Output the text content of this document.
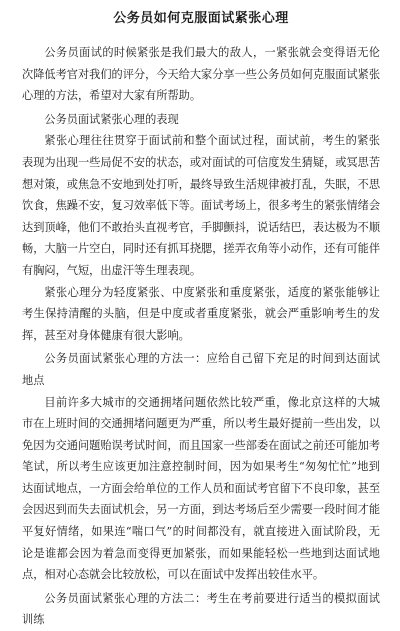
公务员如何克服面试紧张心理

公务员面试的时候紧张是我们最大的敌人，一紧张就会变得语无伦次降低考官对我们的评分，今天给大家分享一些公务员如何克服面试紧张心理的方法，希望对大家有所帮助。

公务员面试紧张心理的表现

紧张心理往往贯穿于面试前和整个面试过程，面试前，考生的紧张表现为出现一些局促不安的状态，或对面试的可信度发生猜疑，或冥思苦想对策，或焦急不安地到处打听，最终导致生活规律被打乱，失眠，不思饮食，焦躁不安，复习效率低下等。面试考场上，很多考生的紧张情绪会达到顶峰，他们不敢抬头直视考官，手脚颤抖，说话结巴，表达极为不顺畅，大脑一片空白，同时还有抓耳挠腮，搓弄衣角等小动作，还有可能伴有胸闷，气短，出虚汗等生理表现。

紧张心理分为轻度紧张、中度紧张和重度紧张，适度的紧张能够让考生保持清醒的头脑，但是中度或者重度紧张，就会严重影响考生的发挥，甚至对身体健康有很大影响。

公务员面试紧张心理的方法一：应给自己留下充足的时间到达面试地点

目前许多大城市的交通拥堵问题依然比较严重，像北京这样的大城市在上班时间的交通拥堵问题更为严重，所以考生最好提前一些出发，以免因为交通问题贻误考试时间，而且国家一些部委在面试之前还可能加考笔试，所以考生应该更加注意控制时间，因为如果考生“匆匆忙忙”地到达面试地点，一方面会给单位的工作人员和面试考官留下不良印象，甚至会因迟到而失去面试机会，另一方面，到达考场后至少需要一段时间才能平复好情绪，如果连“喘口气”的时间都没有，就直接进入面试阶段，无论是谁都会因为着急而变得更加紧张，而如果能轻松一些地到达面试地点，相对心态就会比较放松，可以在面试中发挥出较佳水平。

公务员面试紧张心理的方法二：考生在考前要进行适当的模拟面试训练
